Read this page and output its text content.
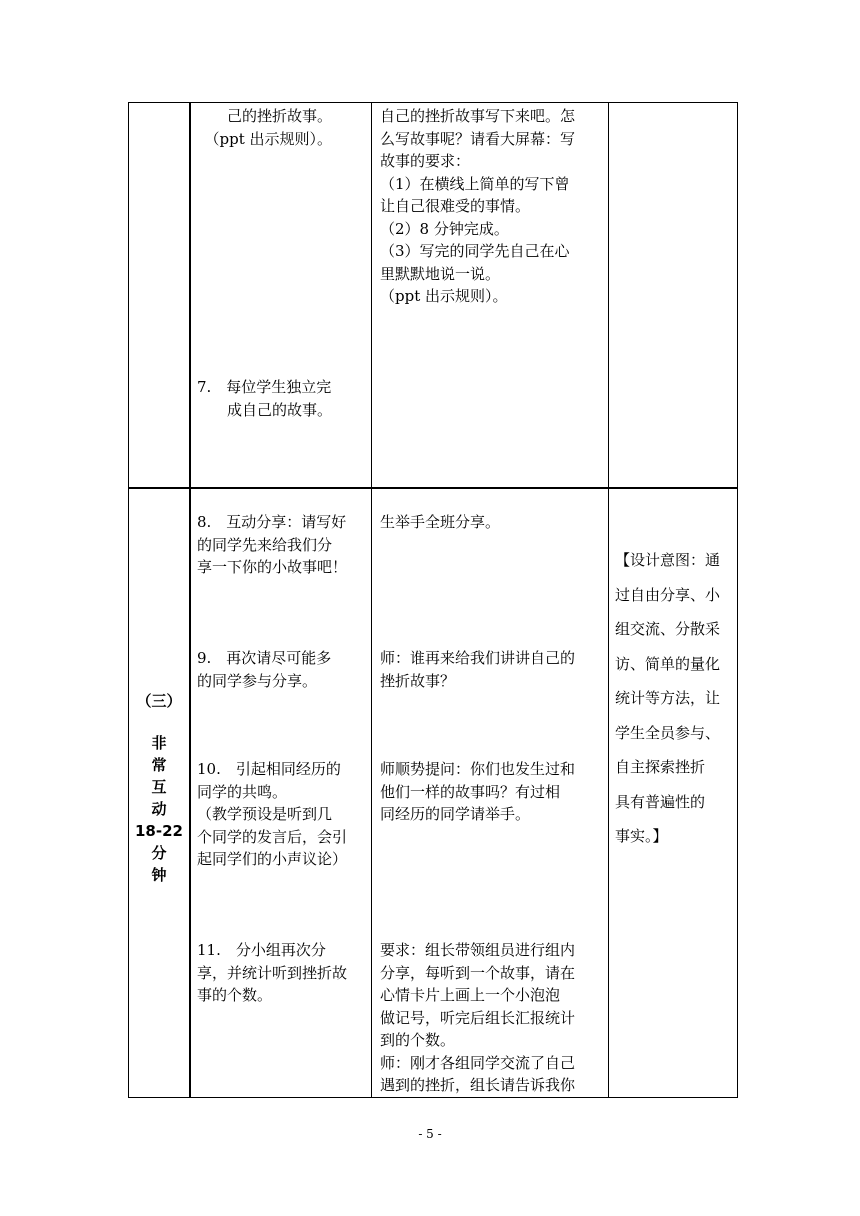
　　己的挫折故事。
　（ppt 出示规则）。
7.　每位学生独立完
　　成自己的故事。
自己的挫折故事写下来吧。怎
么写故事呢？请看大屏幕：写
故事的要求：
（1）在横线上简单的写下曾
让自己很难受的事情。
（2）8 分钟完成。
（3）写完的同学先自己在心
里默默地说一说。
（ppt 出示规则）。
（三）
非
常
互
动
18-22
分
钟
8.　互动分享：请写好
的同学先来给我们分
享一下你的小故事吧！
9.　再次请尽可能多
的同学参与分享。
10.　引起相同经历的
同学的共鸣。
（教学预设是听到几
个同学的发言后，会引
起同学们的小声议论）
11.　分小组再次分
享，并统计听到挫折故
事的个数。
生举手全班分享。
师：谁再来给我们讲讲自己的
挫折故事？
师顺势提问：你们也发生过和
他们一样的故事吗？有过相
同经历的同学请举手。
要求：组长带领组员进行组内
分享，每听到一个故事，请在
心情卡片上画上一个小泡泡
做记号，听完后组长汇报统计
到的个数。
师：刚才各组同学交流了自己
遇到的挫折，组长请告诉我你
【设计意图：通
过自由分享、小
组交流、分散采
访、简单的量化
统计等方法，让
学生全员参与、
自主探索挫折
具有普遍性的
事实。】
- 5 -
